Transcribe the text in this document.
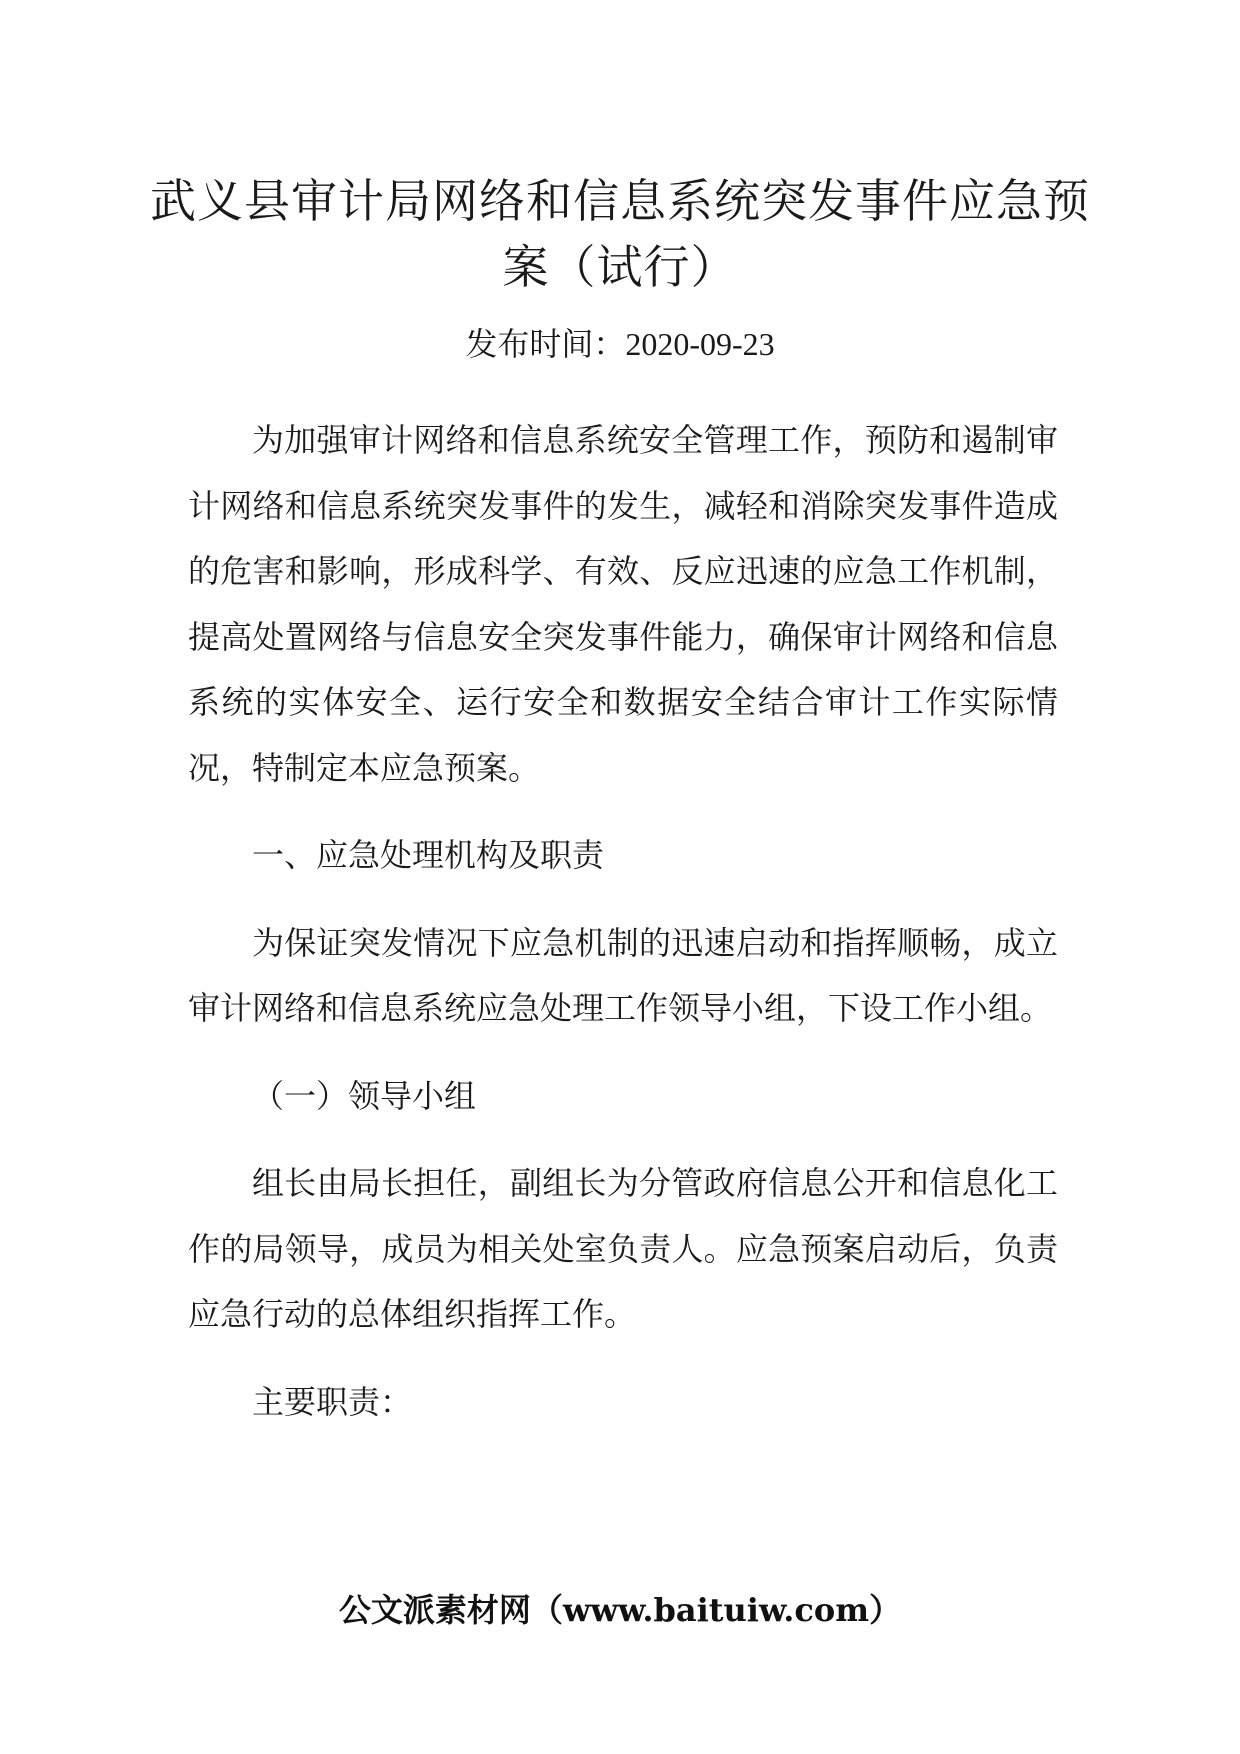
武义县审计局网络和信息系统突发事件应急预案（试行）
发布时间：2020-09-23

为加强审计网络和信息系统安全管理工作，预防和遏制审计网络和信息系统突发事件的发生，减轻和消除突发事件造成的危害和影响，形成科学、有效、反应迅速的应急工作机制，提高处置网络与信息安全突发事件能力，确保审计网络和信息系统的实体安全、运行安全和数据安全结合审计工作实际情况，特制定本应急预案。

一、应急处理机构及职责

为保证突发情况下应急机制的迅速启动和指挥顺畅，成立审计网络和信息系统应急处理工作领导小组，下设工作小组。

（一）领导小组

组长由局长担任，副组长为分管政府信息公开和信息化工作的局领导，成员为相关处室负责人。应急预案启动后，负责应急行动的总体组织指挥工作。

主要职责：

公文派素材网（www.baituiw.com）
